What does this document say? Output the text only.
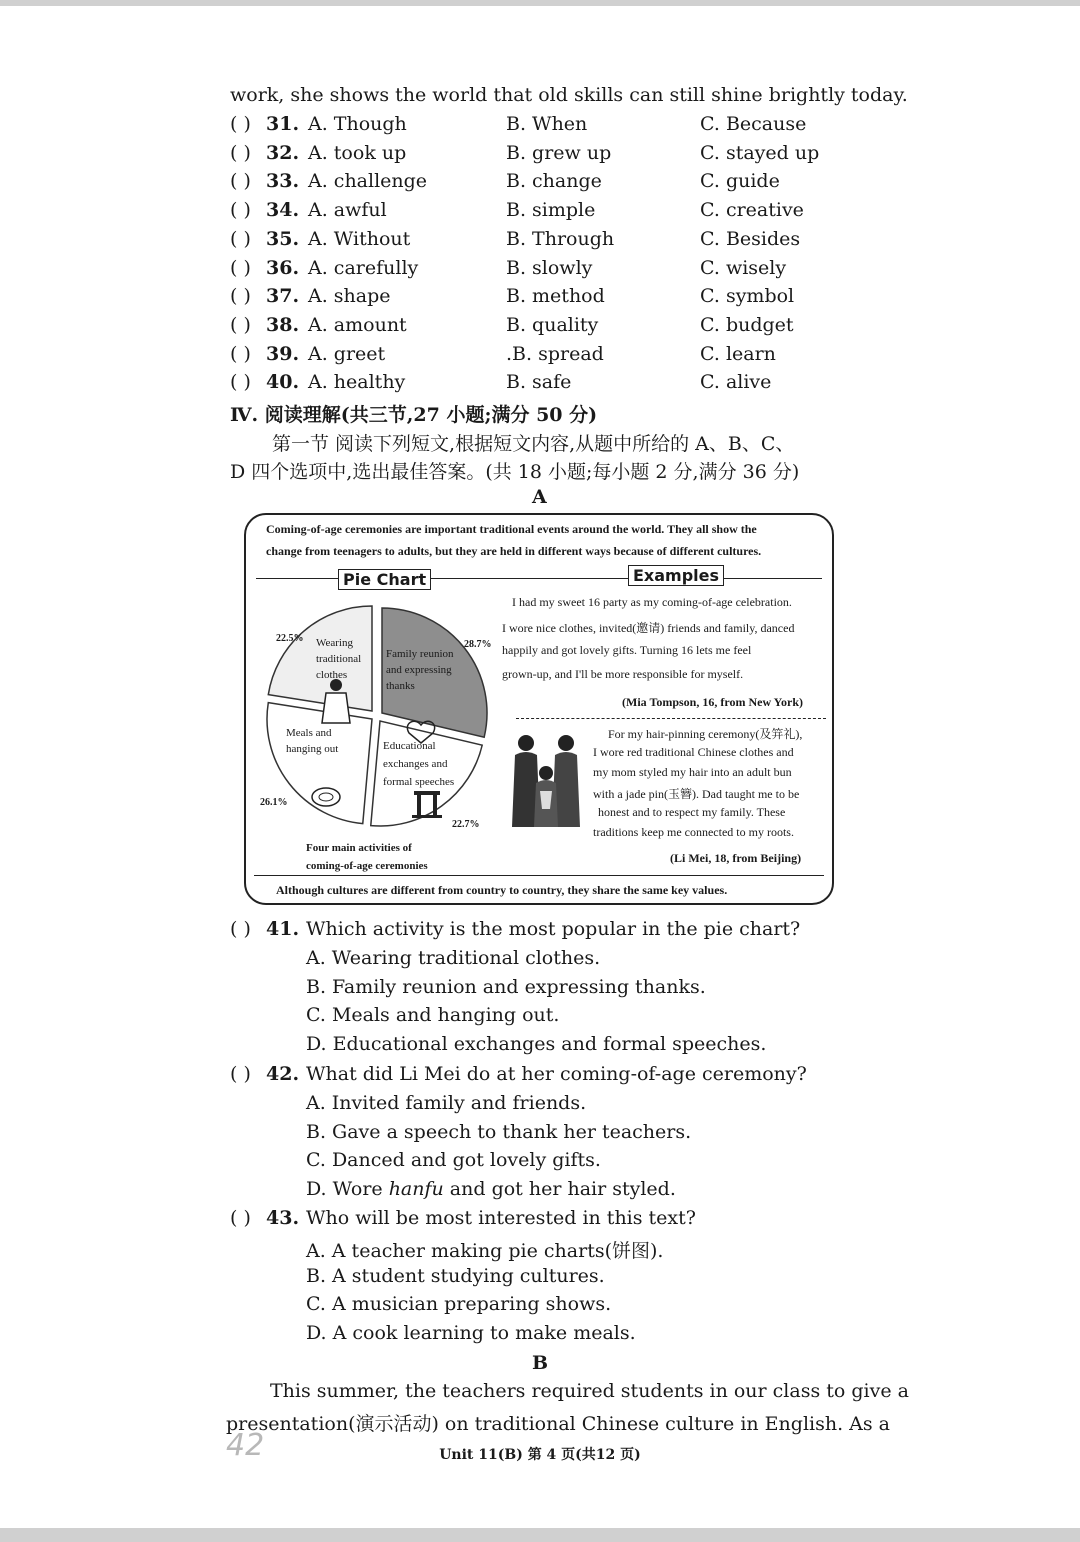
work, she shows the world that old skills can still shine brightly today.
( ) 31. A. Though	B. When	C. Because
( ) 32. A. took up	B. grew up	C. stayed up
( ) 33. A. challenge	B. change	C. guide
( ) 34. A. awful	B. simple	C. creative
( ) 35. A. Without	B. Through	C. Besides
( ) 36. A. carefully	B. slowly	C. wisely
( ) 37. A. shape	B. method	C. symbol
( ) 38. A. amount	B. quality	C. budget
( ) 39. A. greet	.B. spread	C. learn
( ) 40. A. healthy	B. safe	C. alive
Ⅳ. 阅读理解(共三节,27 小题;满分 50 分)
第一节 阅读下列短文,根据短文内容,从题中所给的 A、B、C、
D 四个选项中,选出最佳答案。(共 18 小题;每小题 2 分,满分 36 分)
A
Coming-of-age ceremonies are important traditional events around the world. They all show the
change from teenagers to adults, but they are held in different ways because of different cultures.
Pie Chart	Examples
22.5%
28.7%
22.7%
26.1%
Wearing
traditional
clothes
Family reunion
and expressing
thanks
Meals and
hanging out	Educational
exchanges and
formal speeches
Four main activities of
coming-of-age ceremonies
I had my sweet 16 party as my coming-of-age celebration.
I wore nice clothes, invited(邀请) friends and family, danced
happily and got lovely gifts. Turning 16 lets me feel
grown-up, and I'll be more responsible for myself.
(Mia Tompson, 16, from New York)
For my hair-pinning ceremony(及笄礼),
I wore red traditional Chinese clothes and
my mom styled my hair into an adult bun
with a jade pin(玉簪). Dad taught me to be
honest and to respect my family. These
traditions keep me connected to my roots.
(Li Mei, 18, from Beijing)
Although cultures are different from country to country, they share the same key values.
( ) 41. Which activity is the most popular in the pie chart?
A. Wearing traditional clothes.
B. Family reunion and expressing thanks.
C. Meals and hanging out.
D. Educational exchanges and formal speeches.
( ) 42. What did Li Mei do at her coming-of-age ceremony?
A. Invited family and friends.
B. Gave a speech to thank her teachers.
C. Danced and got lovely gifts.
D. Wore hanfu and got her hair styled.
( ) 43. Who will be most interested in this text?
A. A teacher making pie charts(饼图).
B. A student studying cultures.
C. A musician preparing shows.
D. A cook learning to make meals.
B
This summer, the teachers required students in our class to give a
presentation(演示活动) on traditional Chinese culture in English. As a
42	Unit 11(B) 第 4 页(共12 页)
